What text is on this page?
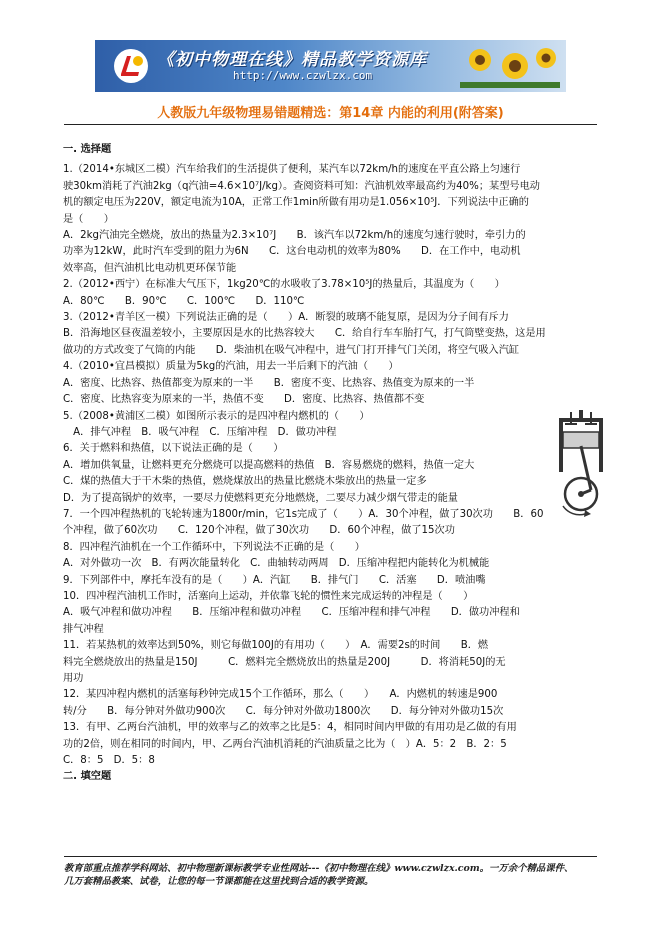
《初中物理在线》精品教学资源库
http://www.czwlzx.com
人教版九年级物理易错题精选：第14章 内能的利用(附答案)

一. 选择题

1.（2014•东城区二模）汽车给我们的生活提供了便利，某汽车以72km/h的速度在平直公路上匀速行

驶30km消耗了汽油2kg（q汽油=4.6×10⁷J/kg）。查阅资料可知：汽油机效率最高约为40%；某型号电动

机的额定电压为220V，额定电流为10A，正常工作1min所做有用功是1.056×10⁵J．下列说法中正确的

是（　　）

A．2kg汽油完全燃烧，放出的热量为2.3×10⁷J　　B．该汽车以72km/h的速度匀速行驶时，牵引力的

功率为12kW，此时汽车受到的阻力为6N　　C．这台电动机的效率为80%　　D．在工作中，电动机

效率高，但汽油机比电动机更环保节能

2.（2012•西宁）在标准大气压下，1kg20℃的水吸收了3.78×10⁵J的热量后，其温度为（　　）

A．80℃　　B．90℃　　C．100℃　　D．110℃

3.（2012•青羊区一模）下列说法正确的是（　　）A．断裂的玻璃不能复原，是因为分子间有斥力

B．沿海地区昼夜温差较小，主要原因是水的比热容较大　　C．给自行车车胎打气，打气筒壁变热，这是用

做功的方式改变了气筒的内能　　D．柴油机在吸气冲程中，进气门打开排气门关闭，将空气吸入汽缸

4.（2010•宜昌模拟）质量为5kg的汽油，用去一半后剩下的汽油（　　）

A．密度、比热容、热值都变为原来的一半　　B．密度不变、比热容、热值变为原来的一半

C．密度、比热容变为原来的一半，热值不变　　D．密度、比热容、热值都不变

5.（2008•黄浦区二模）如图所示表示的是四冲程内燃机的（　　）

　A．排气冲程　B．吸气冲程　C．压缩冲程　D．做功冲程

6．关于燃料和热值，以下说法正确的是（　　）

A．增加供氧量，让燃料更充分燃烧可以提高燃料的热值　B．容易燃烧的燃料，热值一定大

C．煤的热值大于干木柴的热值，燃烧煤放出的热量比燃烧木柴放出的热量一定多

D．为了提高锅炉的效率，一要尽力使燃料更充分地燃烧，二要尽力减少烟气带走的能量

7．一个四冲程热机的飞轮转速为1800r/min，它1s完成了（　　）A．30个冲程，做了30次功　　B．60

个冲程，做了60次功　　C．120个冲程，做了30次功　　D．60个冲程，做了15次功

8．四冲程汽油机在一个工作循环中，下列说法不正确的是（　　）

A．对外做功一次　B．有两次能量转化　C．曲轴转动两周　D．压缩冲程把内能转化为机械能

9．下列部件中，摩托车没有的是（　　）A．汽缸　　B．排气门　　C．活塞　　D．喷油嘴

10．四冲程汽油机工作时，活塞向上运动，并依靠飞轮的惯性来完成运转的冲程是（　　）

A．吸气冲程和做功冲程　　B．压缩冲程和做功冲程　　C．压缩冲程和排气冲程　　D．做功冲程和

排气冲程

11．若某热机的效率达到50%，则它每做100J的有用功（　　）　A．需要2s的时间　　B．燃

料完全燃烧放出的热量是150J　　　C．燃料完全燃烧放出的热量是200J　　　D．将消耗50J的无

用功

12．某四冲程内燃机的活塞每秒钟完成15个工作循环，那么（　　）　　A．内燃机的转速是900

转/分　　B．每分钟对外做功900次　　C．每分钟对外做功1800次　　D．每分钟对外做功15次

13．有甲、乙两台汽油机，甲的效率与乙的效率之比是5：4，相同时间内甲做的有用功是乙做的有用

功的2倍，则在相同的时间内，甲、乙两台汽油机消耗的汽油质量之比为（　）A．5：2　B．2：5

C．8：5　D．5：8

二. 填空题

教育部重点推荐学科网站、初中物理新课标教学专业性网站---《初中物理在线》www.czwlzx.com。一万余个精品课件、
几万套精品教案、试卷，让您的每一节课都能在这里找到合适的教学资源。
